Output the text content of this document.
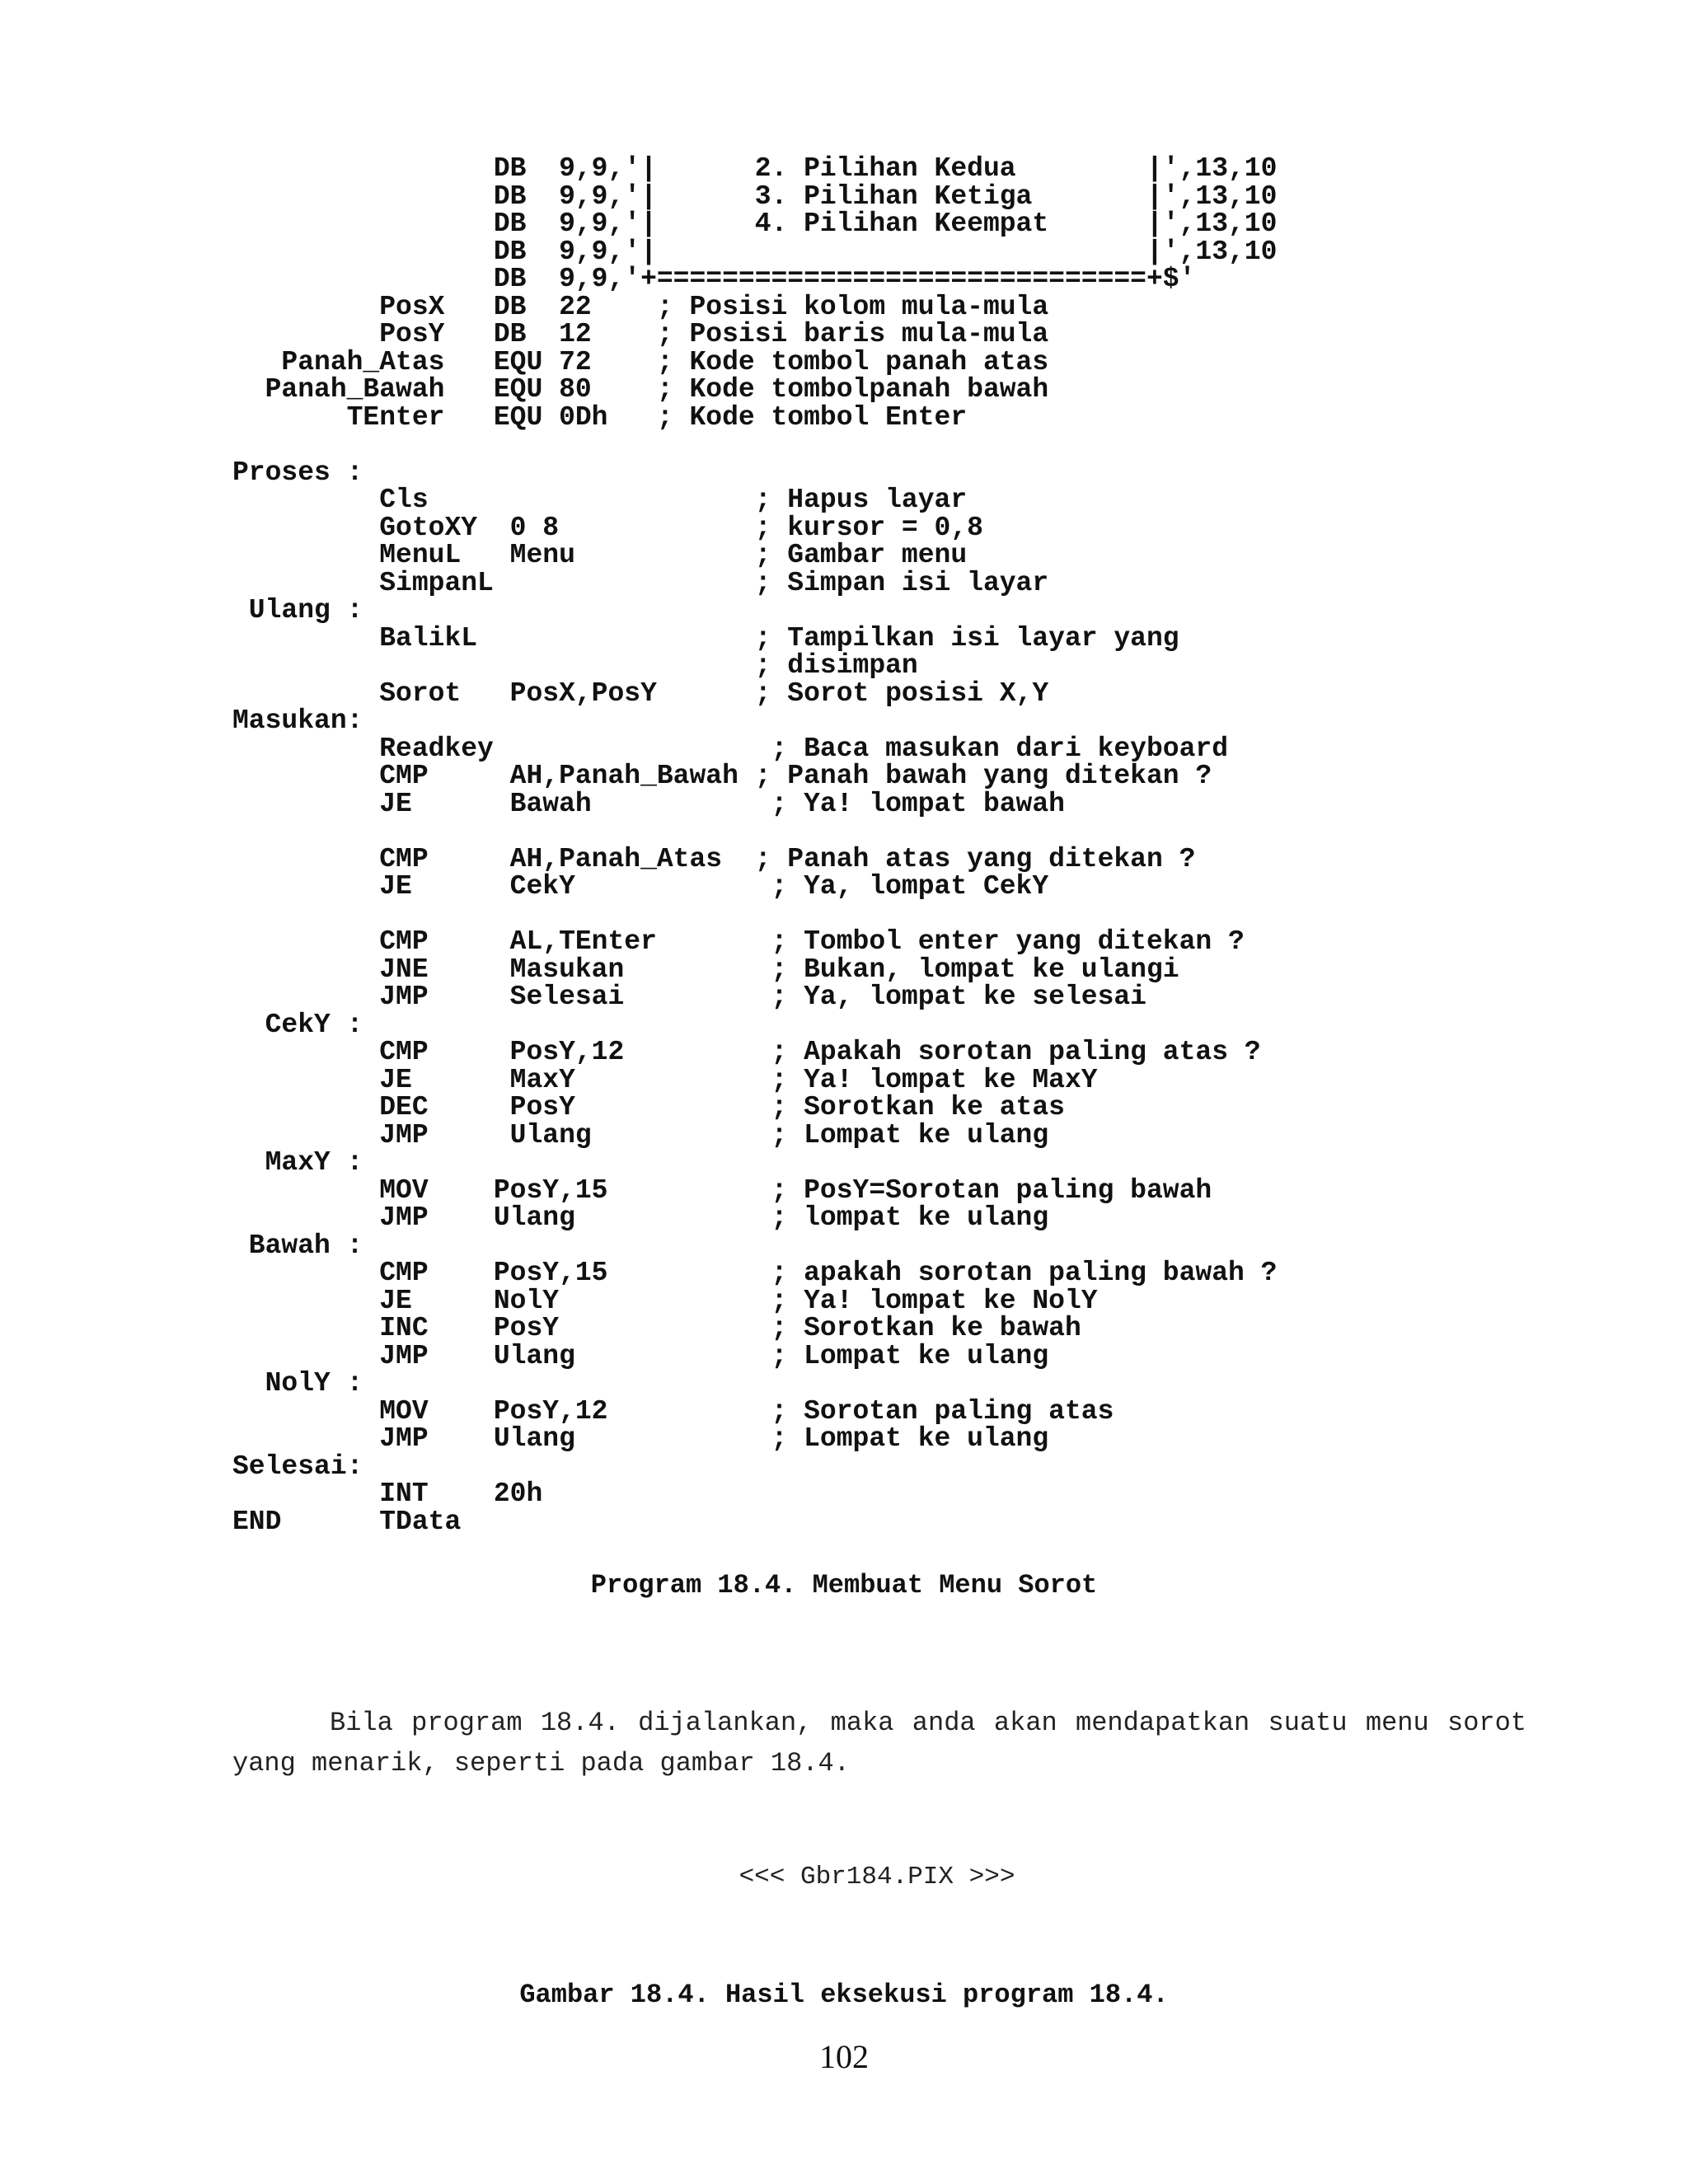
DB  9,9,'|      2. Pilihan Kedua        |',13,10
DB  9,9,'|      3. Pilihan Ketiga       |',13,10
DB  9,9,'|      4. Pilihan Keempat      |',13,10
DB  9,9,'|                              |',13,10
DB  9,9,'+==============================+$'
PosX   DB  22    ; Posisi kolom mula-mula
PosY   DB  12    ; Posisi baris mula-mula
Panah_Atas   EQU 72    ; Kode tombol panah atas
Panah_Bawah   EQU 80    ; Kode tombolpanah bawah
TEnter   EQU 0Dh   ; Kode tombol Enter
Proses :
Cls                    ; Hapus layar
GotoXY  0 8            ; kursor = 0,8
MenuL   Menu           ; Gambar menu
SimpanL                ; Simpan isi layar
Ulang :
BalikL                 ; Tampilkan isi layar yang
; disimpan
Sorot   PosX,PosY      ; Sorot posisi X,Y
Masukan:
Readkey                 ; Baca masukan dari keyboard
CMP     AH,Panah_Bawah ; Panah bawah yang ditekan ?
JE      Bawah           ; Ya! lompat bawah
CMP     AH,Panah_Atas  ; Panah atas yang ditekan ?
JE      CekY            ; Ya, lompat CekY
CMP     AL,TEnter       ; Tombol enter yang ditekan ?
JNE     Masukan         ; Bukan, lompat ke ulangi
JMP     Selesai         ; Ya, lompat ke selesai
CekY :
CMP     PosY,12         ; Apakah sorotan paling atas ?
JE      MaxY            ; Ya! lompat ke MaxY
DEC     PosY            ; Sorotkan ke atas
JMP     Ulang           ; Lompat ke ulang
MaxY :
MOV    PosY,15          ; PosY=Sorotan paling bawah
JMP    Ulang            ; lompat ke ulang
Bawah :
CMP    PosY,15          ; apakah sorotan paling bawah ?
JE     NolY             ; Ya! lompat ke NolY
INC    PosY             ; Sorotkan ke bawah
JMP    Ulang            ; Lompat ke ulang
NolY :
MOV    PosY,12          ; Sorotan paling atas
JMP    Ulang            ; Lompat ke ulang
Selesai:
INT    20h
END      TData
Program 18.4. Membuat Menu Sorot
Bila program 18.4. dijalankan, maka anda akan mendapatkan suatu menu sorot yang menarik, seperti pada gambar 18.4.
<<< Gbr184.PIX >>>
Gambar 18.4. Hasil eksekusi program 18.4.
102
